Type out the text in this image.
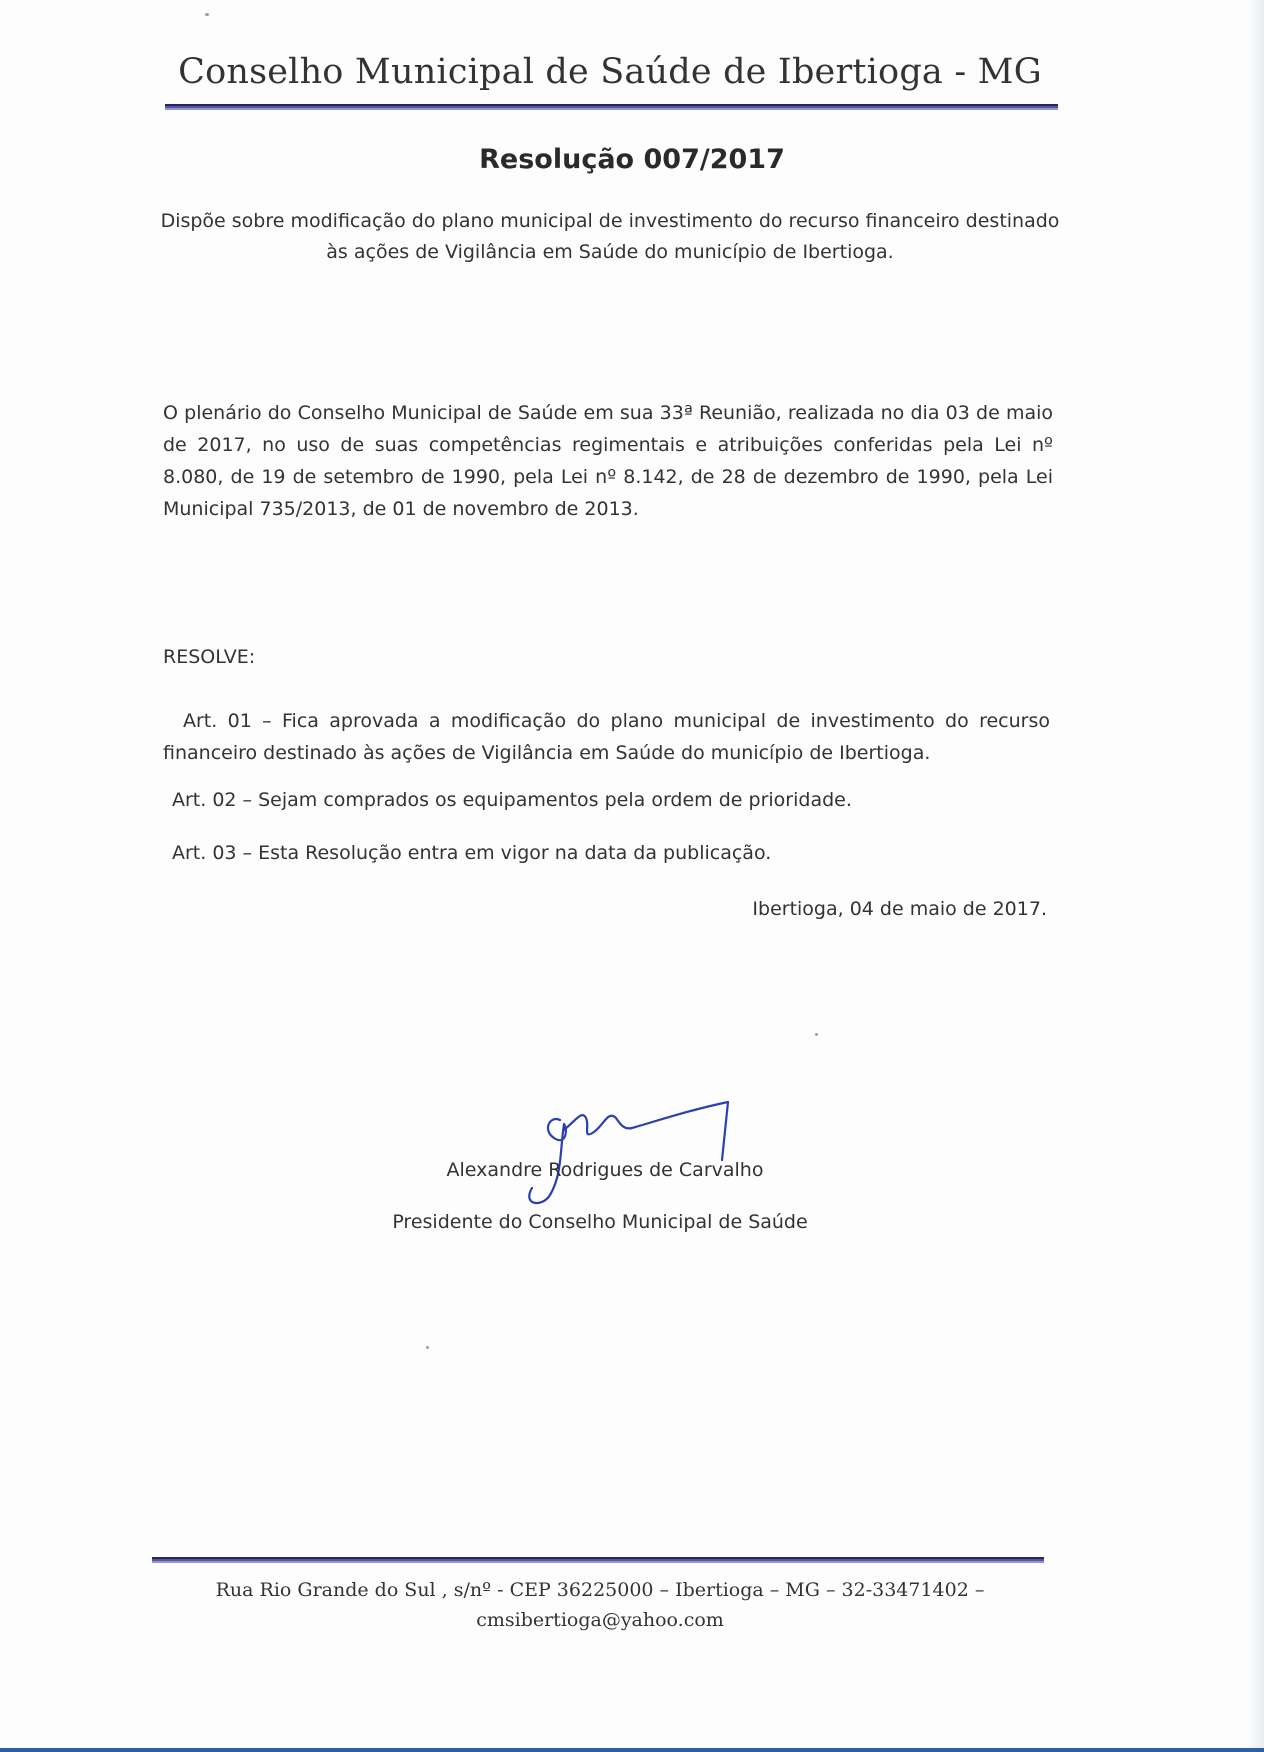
Conselho Municipal de Saúde de Ibertioga - MG
Resolução 007/2017
Dispõe sobre modificação do plano municipal de investimento do recurso financeiro destinado
às ações de Vigilância em Saúde do município de Ibertioga.
O plenário do Conselho Municipal de Saúde em sua 33ª Reunião, realizada no dia 03 de maio de 2017, no uso de suas competências regimentais e atribuições conferidas pela Lei nº 8.080, de 19 de setembro de 1990, pela Lei nº 8.142, de 28 de dezembro de 1990, pela Lei Municipal 735/2013, de 01 de novembro de 2013.
RESOLVE:
Art. 01 – Fica aprovada a modificação do plano municipal de investimento do recurso financeiro destinado às ações de Vigilância em Saúde do município de Ibertioga.
Art. 02 – Sejam comprados os equipamentos pela ordem de prioridade.
Art. 03 – Esta Resolução entra em vigor na data da publicação.
Ibertioga, 04 de maio de 2017.
Alexandre Rodrigues de Carvalho
Presidente do Conselho Municipal de Saúde
Rua Rio Grande do Sul , s/nº - CEP 36225000 – Ibertioga – MG – 32-33471402 –
cmsibertioga@yahoo.com
